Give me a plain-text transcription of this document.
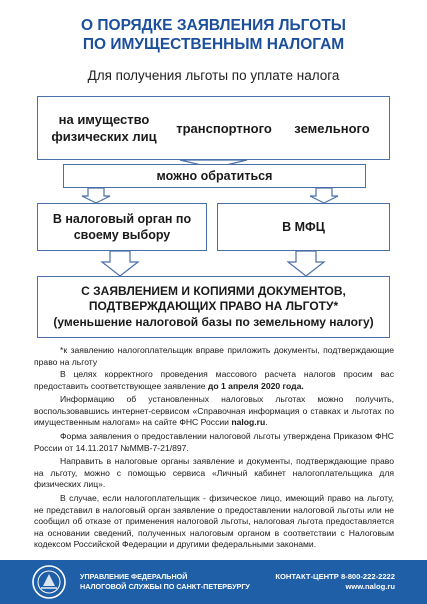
О ПОРЯДКЕ ЗАЯВЛЕНИЯ ЛЬГОТЫ
ПО ИМУЩЕСТВЕННЫМ НАЛОГАМ
Для получения льготы по уплате налога
на имущество
физических лиц
транспортного	земельного
можно обратиться
В налоговый орган по
своему выбору
В МФЦ
С ЗАЯВЛЕНИЕМ И КОПИЯМИ ДОКУМЕНТОВ,
ПОДТВЕРЖДАЮЩИХ ПРАВО НА ЛЬГОТУ*
(уменьшение налоговой базы по земельному налогу)
*к заявлению налогоплательщик вправе приложить документы, подтверждающие право на льготу
В целях корректного проведения массового расчета налогов просим вас предоставить соответствующее заявление до 1 апреля 2020 года.
Информацию об установленных налоговых льготах можно получить, воспользовавшись интернет-сервисом «Справочная информация о ставках и льготах по имущественным налогам» на сайте ФНС России nalog.ru.
Форма заявления о предоставлении налоговой льготы утверждена Приказом ФНС России от 14.11.2017 №ММВ-7-21/897.
Направить в налоговые органы заявление и документы, подтверждающие право на льготу, можно с помощью сервиса «Личный кабинет налогоплательщика для физических лиц».
В случае, если налогоплательщик - физическое лицо, имеющий право на льготу, не представил в налоговый орган заявление о предоставлении налоговой льготы или не сообщил об отказе от применения налоговой льготы, налоговая льгота предоставляется на основании сведений, полученных налоговым органом в соответствии с Налоговым кодексом Российской Федерации и другими федеральными законами.
УПРАВЛЕНИЕ ФЕДЕРАЛЬНОЙ
НАЛОГОВОЙ СЛУЖБЫ ПО САНКТ-ПЕТЕРБУРГУ
КОНТАКТ-ЦЕНТР 8-800-222-2222
www.nalog.ru
